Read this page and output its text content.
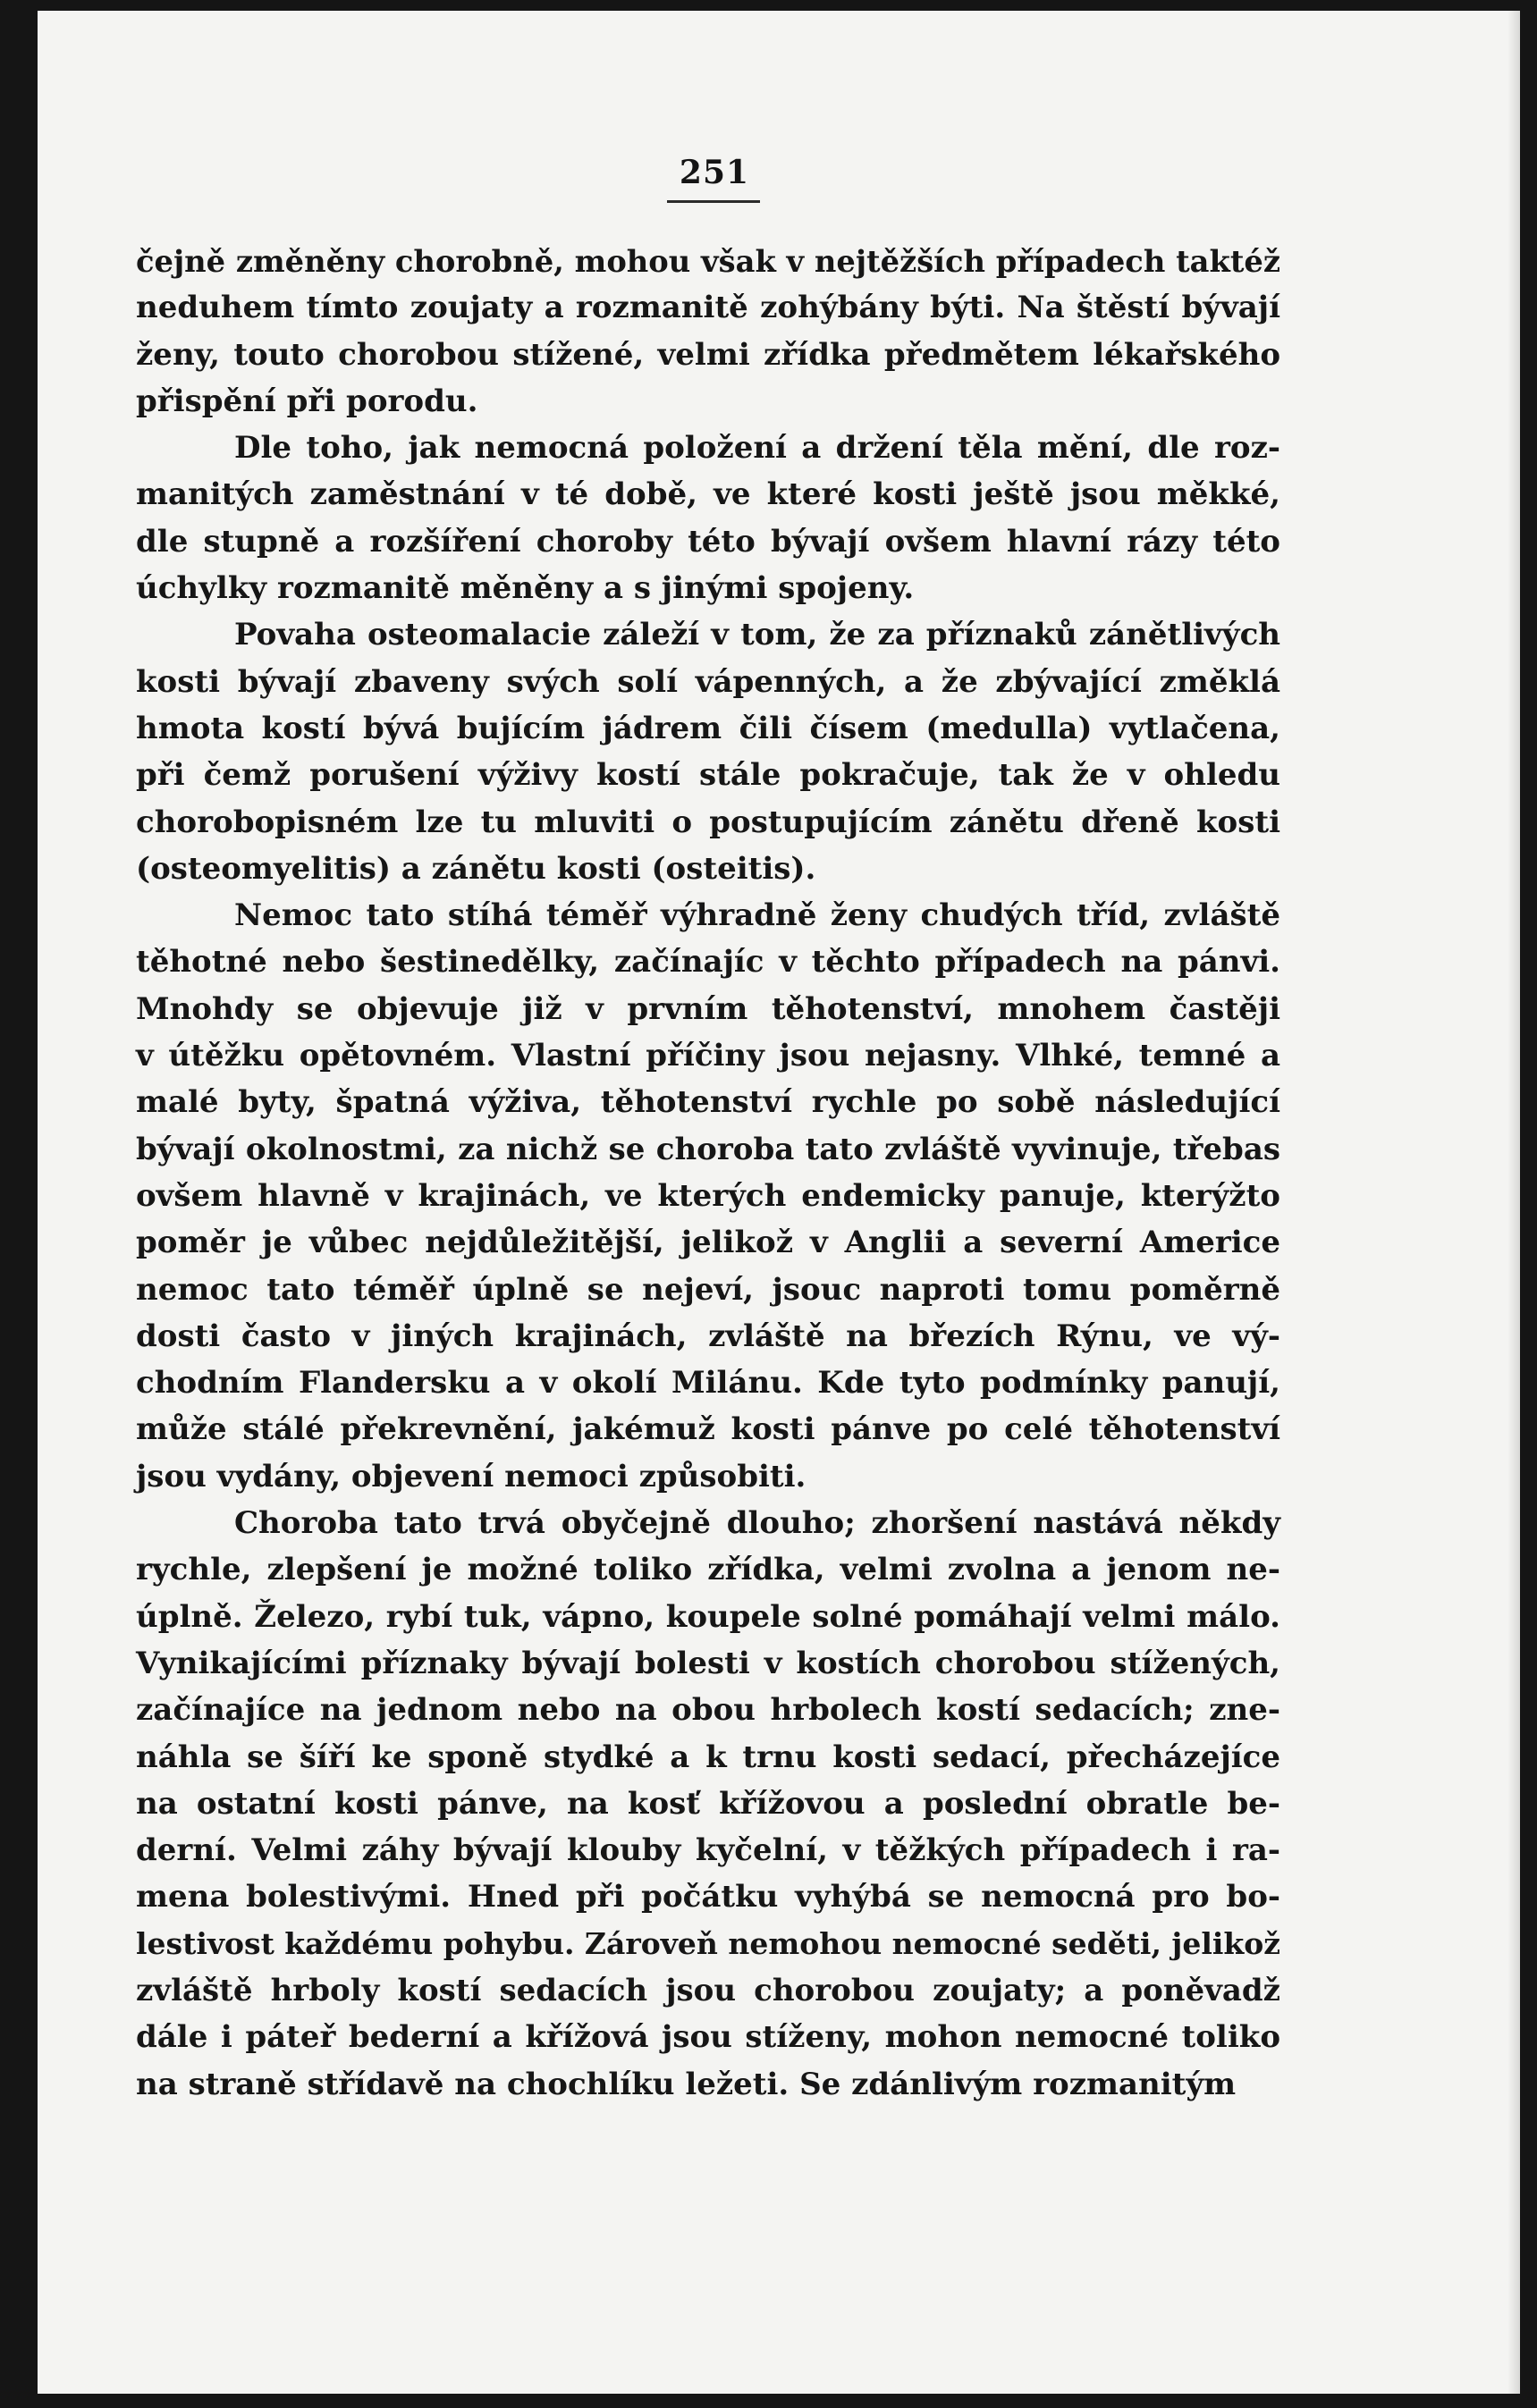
251
čejně změněny chorobně, mohou však v nejtěžších případech taktéž
neduhem tímto zoujaty a rozmanitě zohýbány býti. Na štěstí bývají
ženy, touto chorobou stížené, velmi zřídka předmětem lékařského
přispění při porodu.
Dle toho, jak nemocná položení a držení těla mění, dle roz-
manitých zaměstnání v té době, ve které kosti ještě jsou měkké,
dle stupně a rozšíření choroby této bývají ovšem hlavní rázy této
úchylky rozmanitě měněny a s jinými spojeny.
Povaha osteomalacie záleží v tom, že za příznaků zánětlivých
kosti bývají zbaveny svých solí vápenných, a že zbývající změklá
hmota kostí bývá bujícím jádrem čili čísem (medulla) vytlačena,
při čemž porušení výživy kostí stále pokračuje, tak že v ohledu
chorobopisném lze tu mluviti o postupujícím zánětu dřeně kosti
(osteomyelitis) a zánětu kosti (osteitis).
Nemoc tato stíhá téměř výhradně ženy chudých tříd, zvláště
těhotné nebo šestinedělky, začínajíc v těchto případech na pánvi.
Mnohdy se objevuje již v prvním těhotenství, mnohem častěji
v útěžku opětovném. Vlastní příčiny jsou nejasny. Vlhké, temné a
malé byty, špatná výživa, těhotenství rychle po sobě následující
bývají okolnostmi, za nichž se choroba tato zvláště vyvinuje, třebas
ovšem hlavně v krajinách, ve kterých endemicky panuje, kterýžto
poměr je vůbec nejdůležitější, jelikož v Anglii a severní Americe
nemoc tato téměř úplně se nejeví, jsouc naproti tomu poměrně
dosti často v jiných krajinách, zvláště na březích Rýnu, ve vý-
chodním Flandersku a v okolí Milánu. Kde tyto podmínky panují,
může stálé překrevnění, jakémuž kosti pánve po celé těhotenství
jsou vydány, objevení nemoci způsobiti.
Choroba tato trvá obyčejně dlouho; zhoršení nastává někdy
rychle, zlepšení je možné toliko zřídka, velmi zvolna a jenom ne-
úplně. Železo, rybí tuk, vápno, koupele solné pomáhají velmi málo.
Vynikajícími příznaky bývají bolesti v kostích chorobou stížených,
začínajíce na jednom nebo na obou hrbolech kostí sedacích; zne-
náhla se šíří ke sponě stydké a k trnu kosti sedací, přecházejíce
na ostatní kosti pánve, na kosť křížovou a poslední obratle be-
derní. Velmi záhy bývají klouby kyčelní, v těžkých případech i ra-
mena bolestivými. Hned při počátku vyhýbá se nemocná pro bo-
lestivost každému pohybu. Zároveň nemohou nemocné seděti, jelikož
zvláště hrboly kostí sedacích jsou chorobou zoujaty; a poněvadž
dále i páteř bederní a křížová jsou stíženy, mohon nemocné toliko
na straně střídavě na chochlíku ležeti. Se zdánlivým rozmanitým
